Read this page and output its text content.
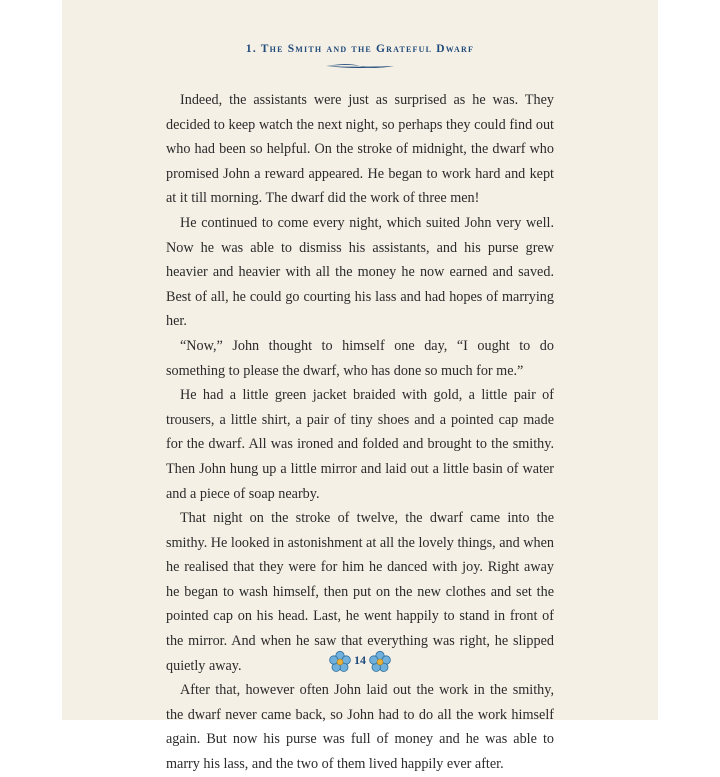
1. The Smith and the Grateful Dwarf

Indeed, the assistants were just as surprised as he was. They decided to keep watch the next night, so perhaps they could find out who had been so helpful. On the stroke of midnight, the dwarf who promised John a reward appeared. He began to work hard and kept at it till morning. The dwarf did the work of three men!

He continued to come every night, which suited John very well. Now he was able to dismiss his assistants, and his purse grew heavier and heavier with all the money he now earned and saved. Best of all, he could go courting his lass and had hopes of marrying her.

“Now,” John thought to himself one day, “I ought to do something to please the dwarf, who has done so much for me.”

He had a little green jacket braided with gold, a little pair of trousers, a little shirt, a pair of tiny shoes and a pointed cap made for the dwarf. All was ironed and folded and brought to the smithy. Then John hung up a little mirror and laid out a little basin of water and a piece of soap nearby.

That night on the stroke of twelve, the dwarf came into the smithy. He looked in astonishment at all the lovely things, and when he realised that they were for him he danced with joy. Right away he began to wash himself, then put on the new clothes and set the pointed cap on his head. Last, he went happily to stand in front of the mirror. And when he saw that everything was right, he slipped quietly away.

After that, however often John laid out the work in the smithy, the dwarf never came back, so John had to do all the work himself again. But now his purse was full of money and he was able to marry his lass, and the two of them lived happily ever after.

14
